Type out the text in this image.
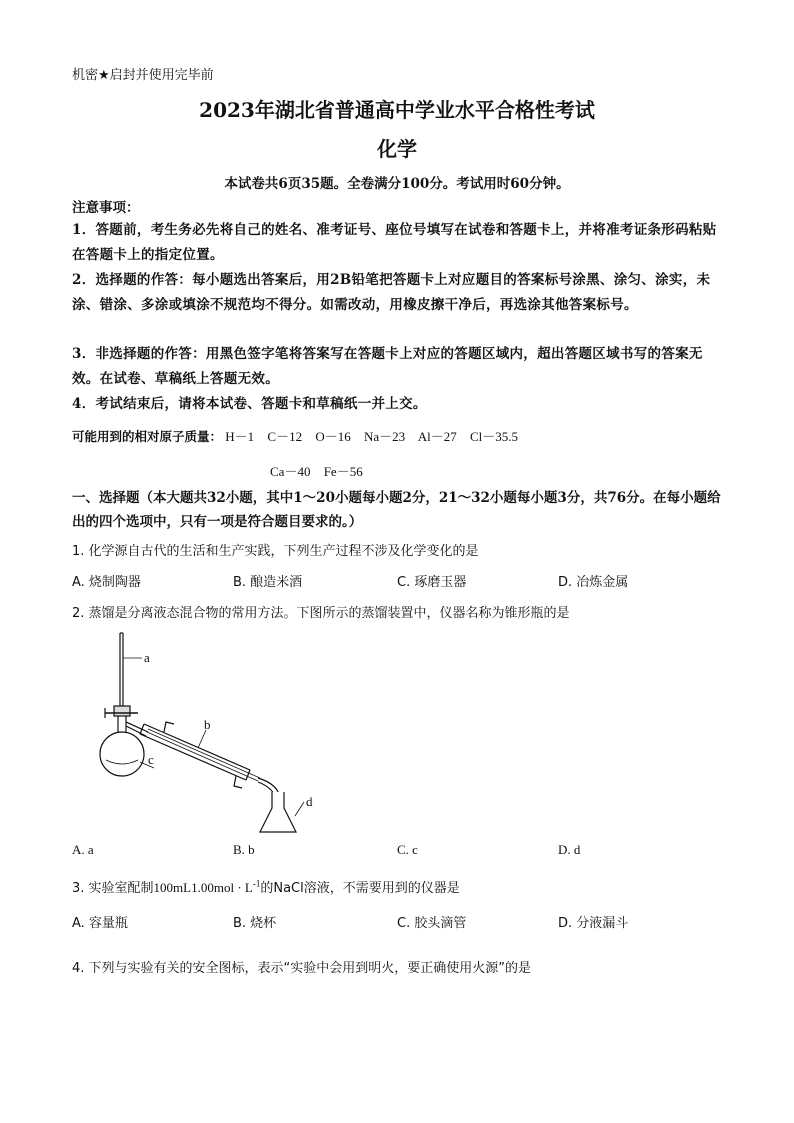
机密★启封并使用完毕前
2023年湖北省普通高中学业水平合格性考试
化学
本试卷共6页35题。全卷满分100分。考试用时60分钟。
注意事项：
1．答题前，考生务必先将自己的姓名、准考证号、座位号填写在试卷和答题卡上，并将准考证条形码粘贴在答题卡上的指定位置。
2．选择题的作答：每小题选出答案后，用2B铅笔把答题卡上对应题目的答案标号涂黑、涂匀、涂实，未涂、错涂、多涂或填涂不规范均不得分。如需改动，用橡皮擦干净后，再选涂其他答案标号。
3．非选择题的作答：用黑色签字笔将答案写在答题卡上对应的答题区域内，超出答题区域书写的答案无效。在试卷、草稿纸上答题无效。
4．考试结束后，请将本试卷、答题卡和草稿纸一并上交。
可能用到的相对原子质量： H－1 C－12 O－16 Na－23 Al－27 Cl－35.5
Ca－40 Fe－56
一、选择题（本大题共32小题，其中1～20小题每小题2分，21～32小题每小题3分，共76分。在每小题给出的四个选项中，只有一项是符合题目要求的。）
1. 化学源自古代的生活和生产实践，下列生产过程不涉及化学变化的是
A. 烧制陶器	B. 酿造米酒	C. 琢磨玉器	D. 冶炼金属
2. 蒸馏是分离液态混合物的常用方法。下图所示的蒸馏装置中，仪器名称为锥形瓶的是
a
b
c
d
A. a	B. b	C. c	D. d
3. 实验室配制$100mL1.00mol \cdot L^{-1}$的NaCl溶液，不需要用到的仪器是
A. 容量瓶	B. 烧杯	C. 胶头滴管	D. 分液漏斗
4. 下列与实验有关的安全图标，表示“实验中会用到明火，要正确使用火源”的是
